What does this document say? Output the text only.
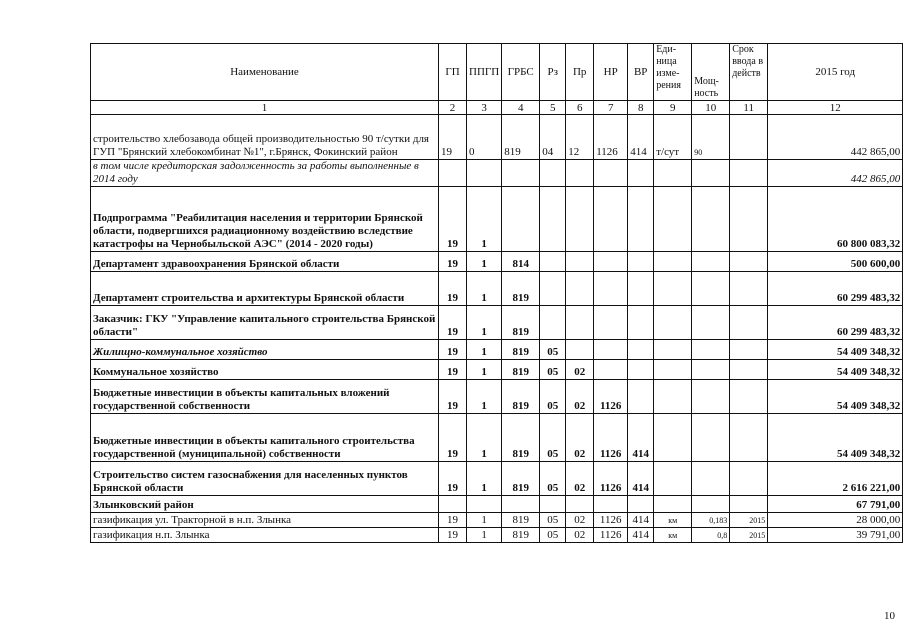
Наименование	ГП	ППГП	ГРБС	Рз	Пр	НР	ВР	Еди-ница изме-рения	Мощ-ность	Срок ввода в действ	2015 год
1	2	3	4	5	6	7	8	9	10	11	12
строительство хлебозавода общей производительностью 90 т/сутки для ГУП "Брянский хлебокомбинат №1", г.Брянск, Фокинский район	19	0	819	04	12	1126	414	т/сут	90		442 865,00
в том числе кредиторская задолженность за работы выполненные в 2014 году											442 865,00
Подпрограмма "Реабилитация населения и территории Брянской области, подвергшихся радиационному воздействию вследствие катастрофы на Чернобыльской АЭС" (2014 - 2020 годы)	19	1									60 800 083,32
Департамент здравоохранения Брянской области	19	1	814								500 600,00
Департамент строительства и архитектуры Брянской области	19	1	819								60 299 483,32
Заказчик: ГКУ "Управление капитального строительства Брянской области"	19	1	819								60 299 483,32
Жилищно-коммунальное хозяйство	19	1	819	05							54 409 348,32
Коммунальное хозяйство	19	1	819	05	02						54 409 348,32
Бюджетные инвестиции в объекты капитальных вложений государственной собственности	19	1	819	05	02	1126					54 409 348,32
Бюджетные инвестиции в объекты капитального строительства государственной (муниципальной) собственности	19	1	819	05	02	1126	414				54 409 348,32
Строительство систем газоснабжения для населенных пунктов Брянской области	19	1	819	05	02	1126	414				2 616 221,00
Злынковский район											67 791,00
газификация ул. Тракторной в н.п. Злынка	19	1	819	05	02	1126	414	км	0,183	2015	28 000,00
газификация н.п. Злынка	19	1	819	05	02	1126	414	км	0,8	2015	39 791,00
10
